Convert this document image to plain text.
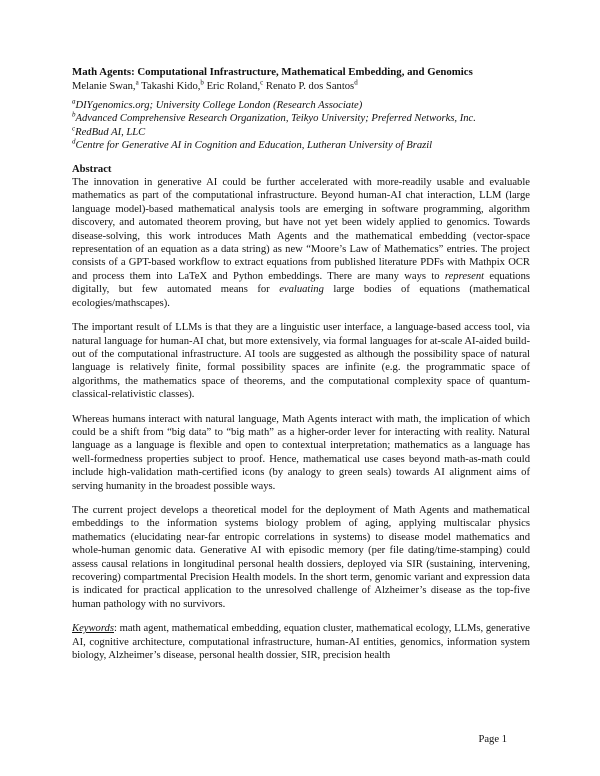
Math Agents: Computational Infrastructure, Mathematical Embedding, and Genomics
Melanie Swan,$^a$ Takashi Kido,$^b$ Eric Roland,$^c$ Renato P. dos Santos$^d$
$^a$DIYgenomics.org; University College London (Research Associate)
$^b$Advanced Comprehensive Research Organization, Teikyo University; Preferred Networks, Inc.
$^c$RedBud AI, LLC
$^d$Centre for Generative AI in Cognition and Education, Lutheran University of Brazil
Abstract
The innovation in generative AI could be further accelerated with more-readily usable and evaluable mathematics as part of the computational infrastructure. Beyond human-AI chat interaction, LLM (large language model)-based mathematical analysis tools are emerging in software programming, algorithm discovery, and automated theorem proving, but have not yet been widely applied to genomics. Towards disease-solving, this work introduces Math Agents and the mathematical embedding (vector-space representation of an equation as a data string) as new “Moore’s Law of Mathematics” entries. The project consists of a GPT-based workflow to extract equations from published literature PDFs with Mathpix OCR and process them into LaTeX and Python embeddings. There are many ways to represent equations digitally, but few automated means for evaluating large bodies of equations (mathematical ecologies/mathscapes).
The important result of LLMs is that they are a linguistic user interface, a language-based access tool, via natural language for human-AI chat, but more extensively, via formal languages for at-scale AI-aided build-out of the computational infrastructure. AI tools are suggested as although the possibility space of natural language is relatively finite, formal possibility spaces are infinite (e.g. the programmatic space of algorithms, the mathematics space of theorems, and the computational complexity space of quantum-classical-relativistic classes).
Whereas humans interact with natural language, Math Agents interact with math, the implication of which could be a shift from “big data” to “big math” as a higher-order lever for interacting with reality. Natural language as a language is flexible and open to contextual interpretation; mathematics as a language has well-formedness properties subject to proof. Hence, mathematical use cases beyond math-as-math could include high-validation math-certified icons (by analogy to green seals) towards AI alignment aims of serving humanity in the broadest possible ways.
The current project develops a theoretical model for the deployment of Math Agents and mathematical embeddings to the information systems biology problem of aging, applying multiscalar physics mathematics (elucidating near-far entropic correlations in systems) to disease model mathematics and whole-human genomic data. Generative AI with episodic memory (per file dating/time-stamping) could assess causal relations in longitudinal personal health dossiers, deployed via SIR (sustaining, intervening, recovering) compartmental Precision Health models. In the short term, genomic variant and expression data is indicated for practical application to the unresolved challenge of Alzheimer’s disease as the top-five human pathology with no survivors.
Keywords: math agent, mathematical embedding, equation cluster, mathematical ecology, LLMs, generative AI, cognitive architecture, computational infrastructure, human-AI entities, genomics, information system biology, Alzheimer’s disease, personal health dossier, SIR, precision health
Page 1
